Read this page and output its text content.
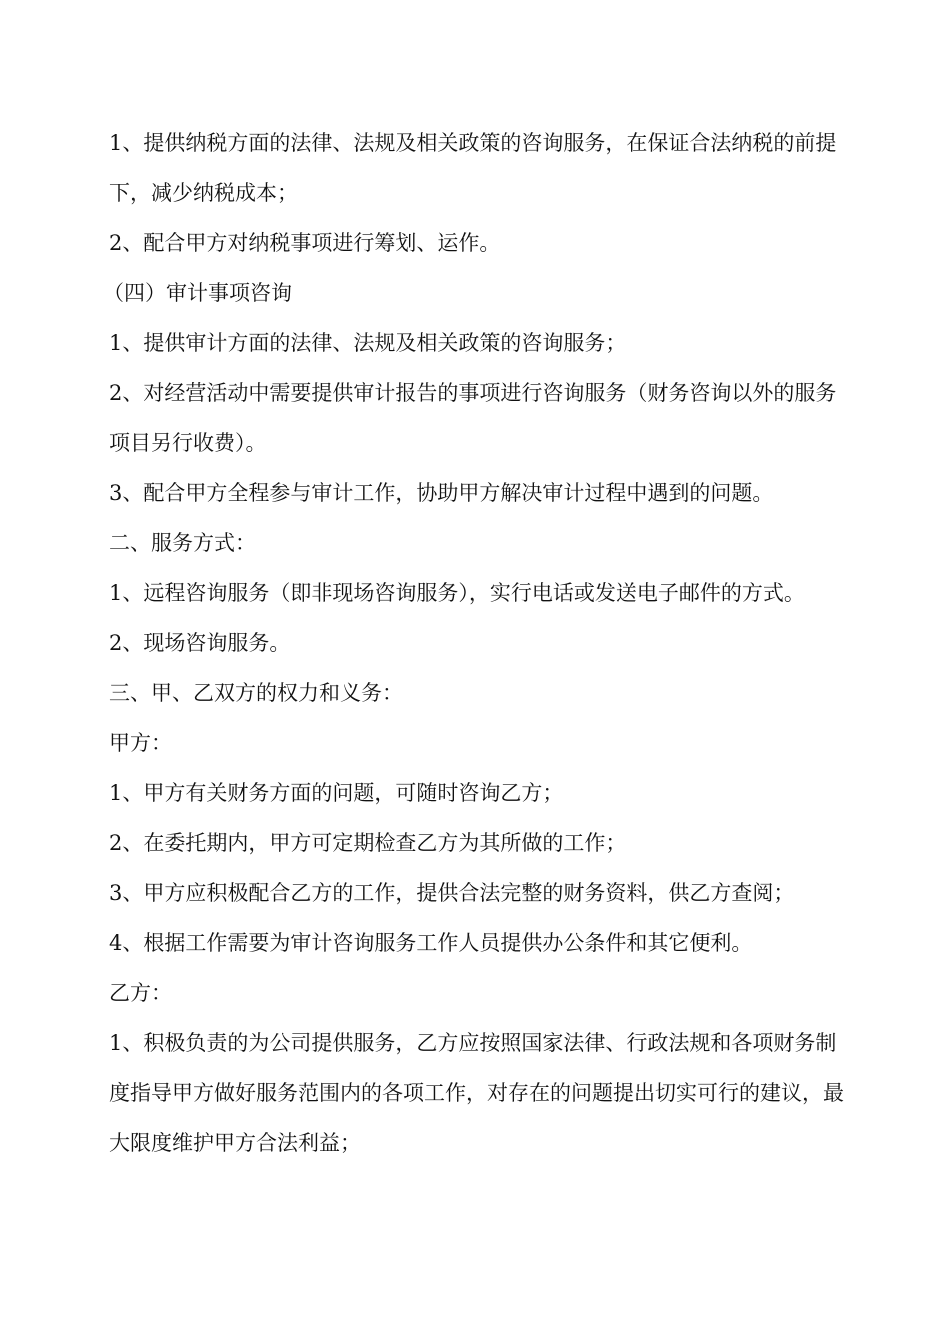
1、提供纳税方面的法律、法规及相关政策的咨询服务，在保证合法纳税的前提下，减少纳税成本；

2、配合甲方对纳税事项进行筹划、运作。

（四）审计事项咨询

1、提供审计方面的法律、法规及相关政策的咨询服务；

2、对经营活动中需要提供审计报告的事项进行咨询服务（财务咨询以外的服务项目另行收费）。

3、配合甲方全程参与审计工作，协助甲方解决审计过程中遇到的问题。

二、服务方式：

1、远程咨询服务（即非现场咨询服务），实行电话或发送电子邮件的方式。

2、现场咨询服务。

三、甲、乙双方的权力和义务：

甲方：

1、甲方有关财务方面的问题，可随时咨询乙方；

2、在委托期内，甲方可定期检查乙方为其所做的工作；

3、甲方应积极配合乙方的工作，提供合法完整的财务资料，供乙方查阅；

4、根据工作需要为审计咨询服务工作人员提供办公条件和其它便利。

乙方：

1、积极负责的为公司提供服务，乙方应按照国家法律、行政法规和各项财务制度指导甲方做好服务范围内的各项工作，对存在的问题提出切实可行的建议，最大限度维护甲方合法利益；
